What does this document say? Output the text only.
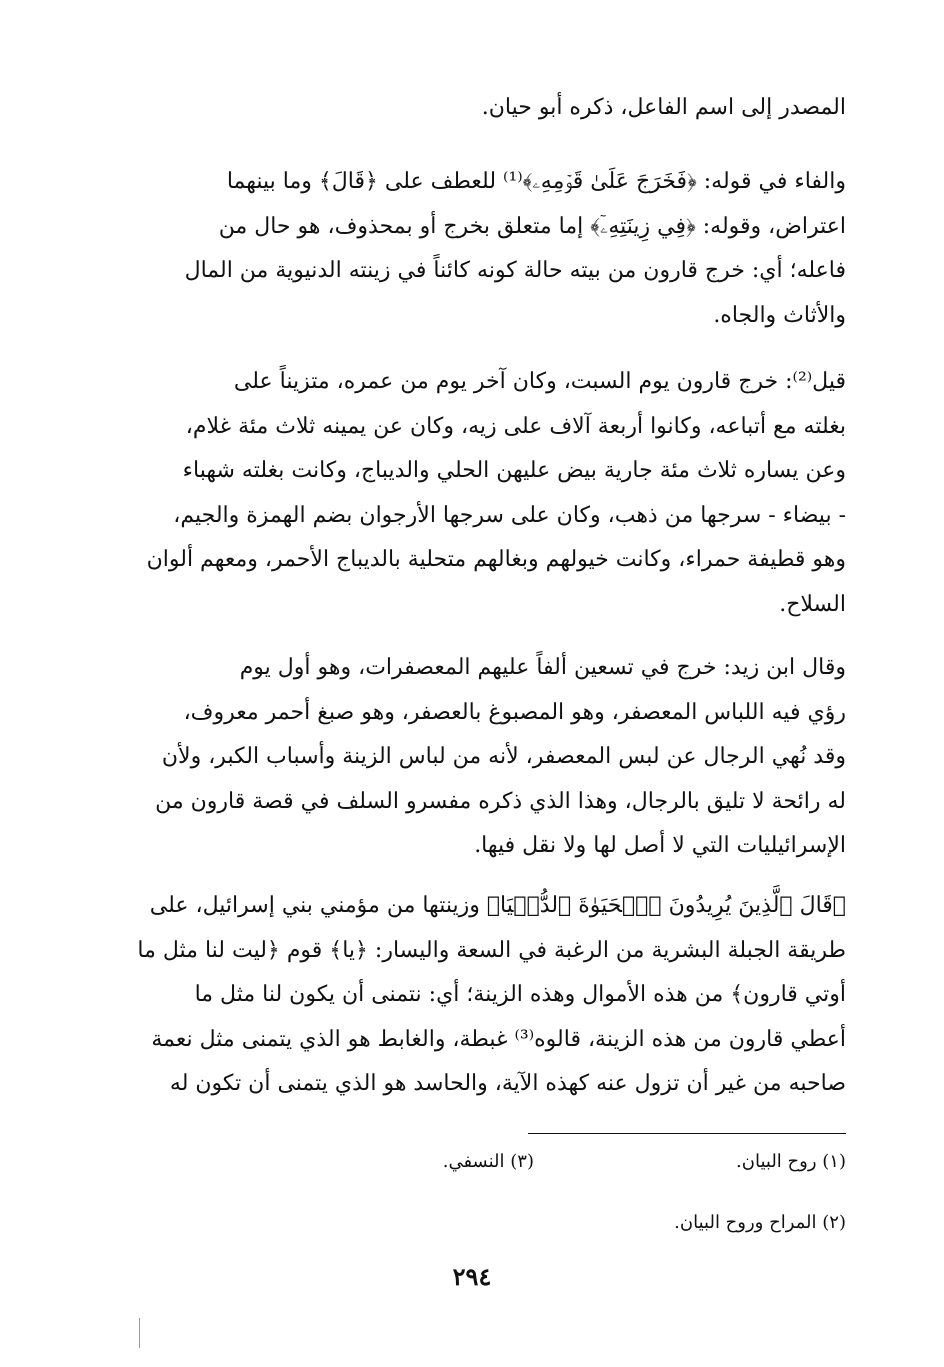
المصدر إلى اسم الفاعل، ذكره أبو حيان.
والفاء في قوله: ﴿فَخَرَجَ عَلَىٰ قَوۡمِهِۦ﴾⁽¹⁾ للعطف على ﴿قَالَ﴾ وما بينهما
اعتراض، وقوله: ﴿فِي زِينَتِهِۦٓ﴾ إما متعلق بخرج أو بمحذوف، هو حال من
فاعله؛ أي: خرج قارون من بيته حالة كونه كائناً في زينته الدنيوية من المال
والأثاث والجاه.
قيل⁽²⁾: خرج قارون يوم السبت، وكان آخر يوم من عمره، متزيناً على
بغلته مع أتباعه، وكانوا أربعة آلاف على زيه، وكان عن يمينه ثلاث مئة غلام،
وعن يساره ثلاث مئة جارية بيض عليهن الحلي والديباج، وكانت بغلته شهباء
- بيضاء - سرجها من ذهب، وكان على سرجها الأرجوان بضم الهمزة والجيم،
وهو قطيفة حمراء، وكانت خيولهم وبغالهم متحلية بالديباج الأحمر، ومعهم ألوان
السلاح.
وقال ابن زيد: خرج في تسعين ألفاً عليهم المعصفرات، وهو أول يوم
رؤي فيه اللباس المعصفر، وهو المصبوغ بالعصفر، وهو صبغ أحمر معروف،
وقد نُهي الرجال عن لبس المعصفر، لأنه من لباس الزينة وأسباب الكبر، ولأن
له رائحة لا تليق بالرجال، وهذا الذي ذكره مفسرو السلف في قصة قارون من
الإسرائيليات التي لا أصل لها ولا نقل فيها.
﴿قَالَ ٱلَّذِينَ يُرِيدُونَ ٱلۡحَيَوٰةَ ٱلدُّنۡيَا﴾ وزينتها من مؤمني بني إسرائيل، على
طريقة الجبلة البشرية من الرغبة في السعة واليسار: ﴿يا﴾ قوم ﴿ليت لنا مثل ما
أوتي قارون﴾ من هذه الأموال وهذه الزينة؛ أي: نتمنى أن يكون لنا مثل ما
أعطي قارون من هذه الزينة، قالوه⁽³⁾ غبطة، والغابط هو الذي يتمنى مثل نعمة
صاحبه من غير أن تزول عنه كهذه الآية، والحاسد هو الذي يتمنى أن تكون له
(١) روح البيان.
(٣) النسفي.
(٢) المراح وروح البيان.
٢٩٤
